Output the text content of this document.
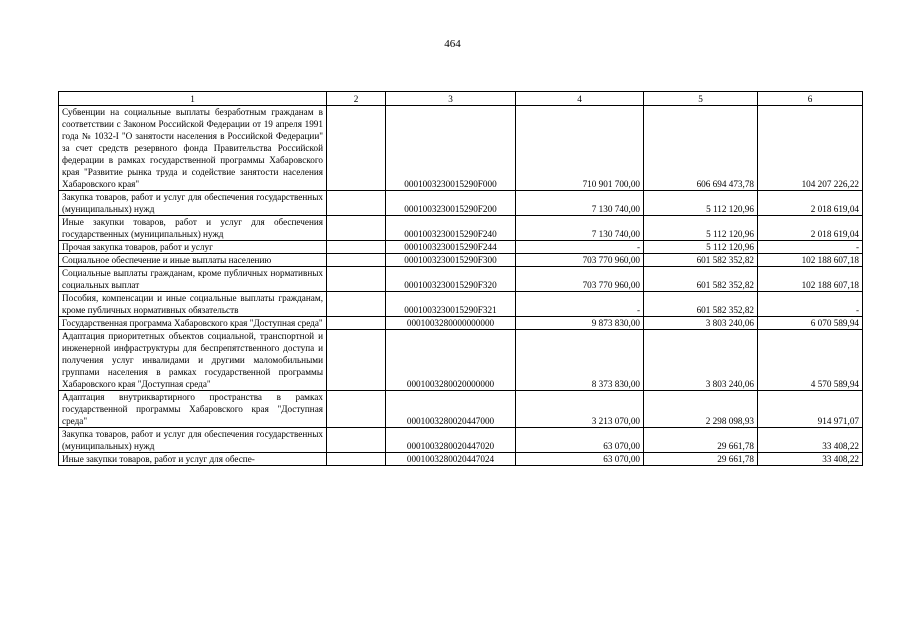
464
1	2	3	4	5	6
Субвенции на социальные выплаты безработным гражданам в соответствии с Законом Российской Федерации от 19 апреля 1991 года № 1032-I "О занятости населения в Российской Федерации" за счет средств резервного фонда Правительства Российской федерации в рамках государственной программы Хабаровского края "Развитие рынка труда и содействие занятости населения Хабаровского края"		0001003230015290F000	710 901 700,00	606 694 473,78	104 207 226,22
Закупка товаров, работ и услуг для обеспечения государственных (муниципальных) нужд		0001003230015290F200	7 130 740,00	5 112 120,96	2 018 619,04
Иные закупки товаров, работ и услуг для обеспечения государственных (муниципальных) нужд		0001003230015290F240	7 130 740,00	5 112 120,96	2 018 619,04
Прочая закупка товаров, работ и услуг		0001003230015290F244	-	5 112 120,96	-
Социальное обеспечение и иные выплаты населению		0001003230015290F300	703 770 960,00	601 582 352,82	102 188 607,18
Социальные выплаты гражданам, кроме публичных нормативных социальных выплат		0001003230015290F320	703 770 960,00	601 582 352,82	102 188 607,18
Пособия, компенсации и иные социальные выплаты гражданам, кроме публичных нормативных обязательств		0001003230015290F321	-	601 582 352,82	-
Государственная программа Хабаровского края "Доступная среда"		0001003280000000000	9 873 830,00	3 803 240,06	6 070 589,94
Адаптация приоритетных объектов социальной, транспортной и инженерной инфраструктуры для беспрепятственного доступа и получения услуг инвалидами и другими маломобильными группами населения в рамках государственной программы Хабаровского края "Доступная среда"		0001003280020000000	8 373 830,00	3 803 240,06	4 570 589,94
Адаптация внутриквартирного пространства в рамках государственной программы Хабаровского края "Доступная среда"		0001003280020447000	3 213 070,00	2 298 098,93	914 971,07
Закупка товаров, работ и услуг для обеспечения государственных (муниципальных) нужд		0001003280020447020	63 070,00	29 661,78	33 408,22
Иные закупки товаров, работ и услуг для обеспе-		0001003280020447024	63 070,00	29 661,78	33 408,22
